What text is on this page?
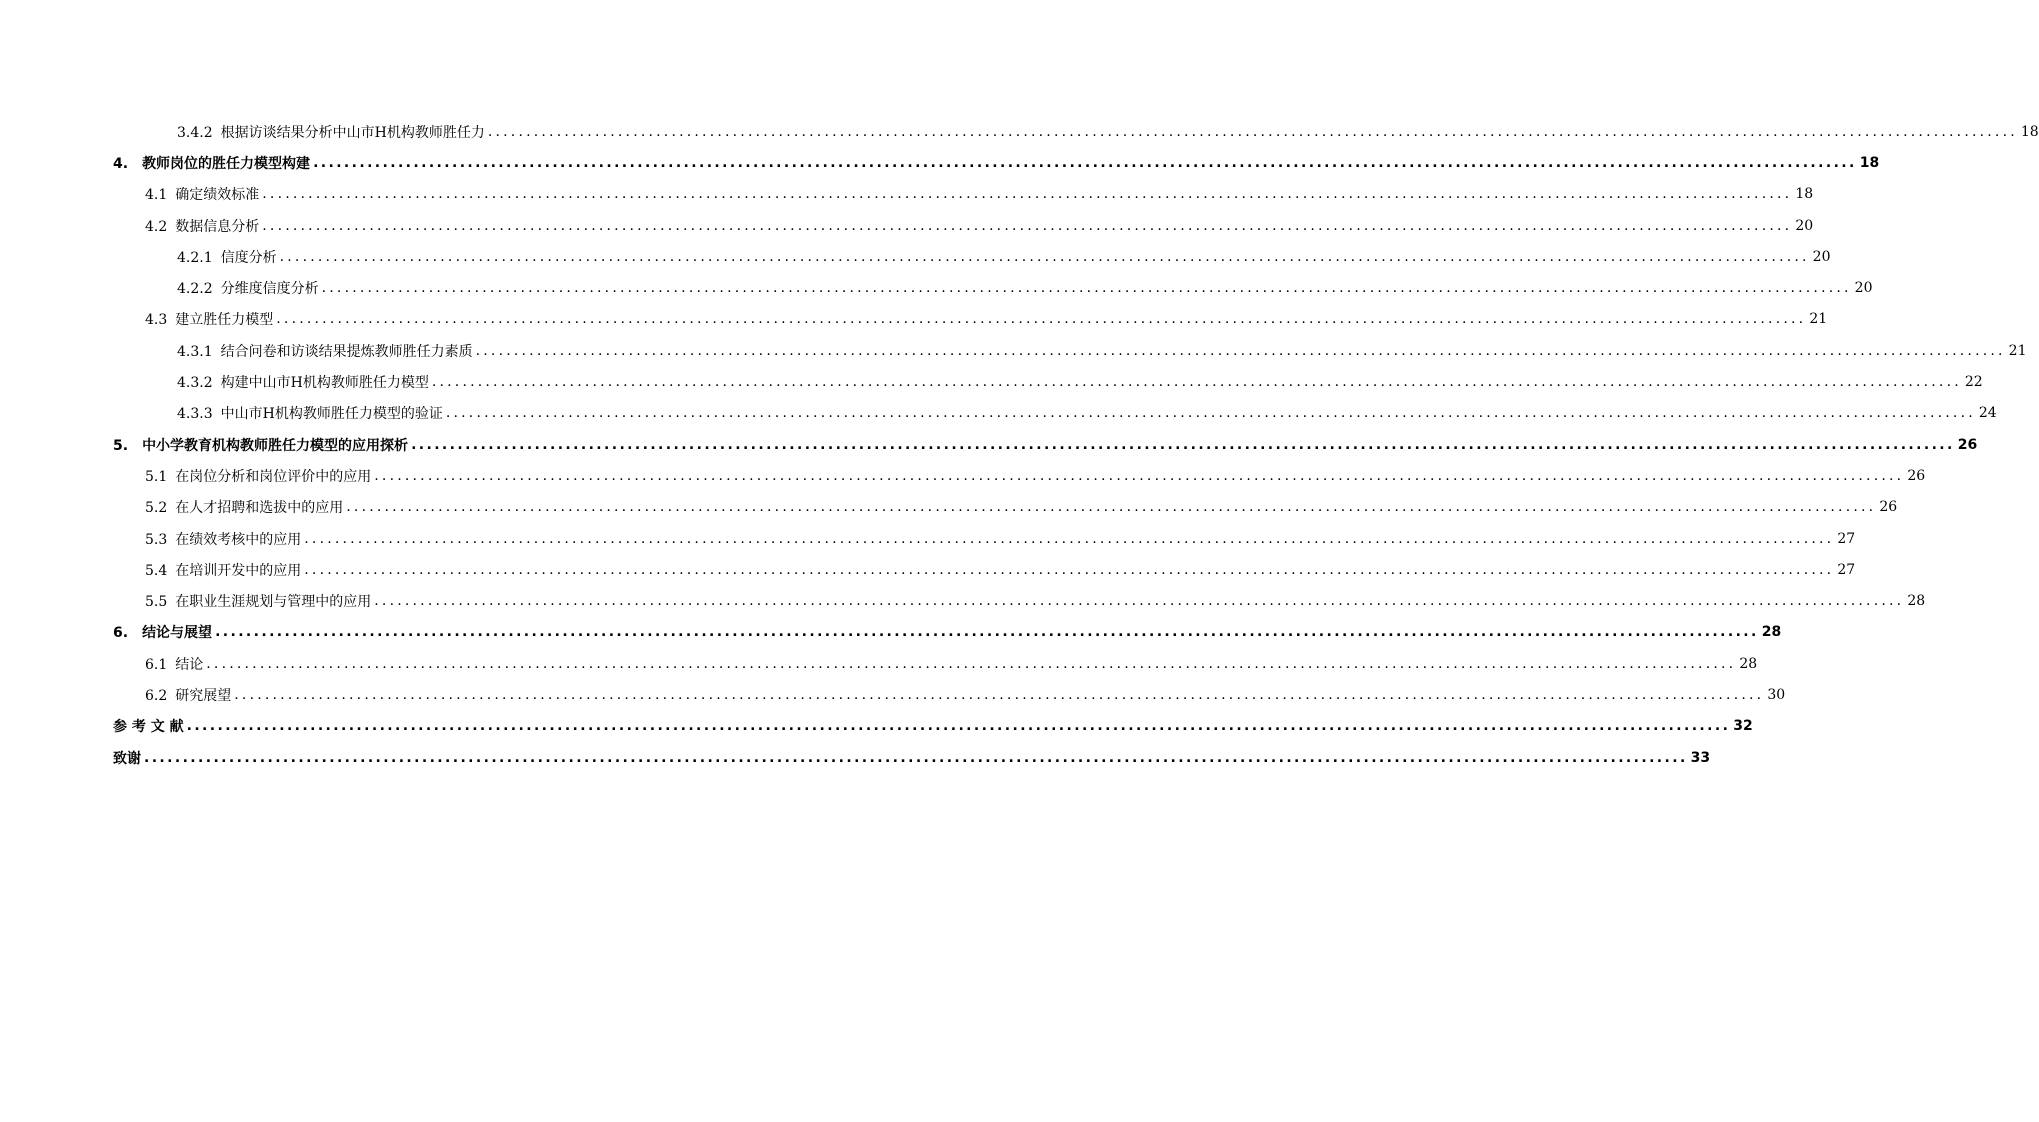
3.4.2 根据访谈结果分析中山市H机构教师胜任力 ........................................................................................................................................................................................................ 18
4. 教师岗位的胜任力模型构建 ........................................................................................................................................................................................................ 18
4.1 确定绩效标准 ........................................................................................................................................................................................................ 18
4.2 数据信息分析 ........................................................................................................................................................................................................ 20
4.2.1 信度分析 ........................................................................................................................................................................................................ 20
4.2.2 分维度信度分析 ........................................................................................................................................................................................................ 20
4.3 建立胜任力模型 ........................................................................................................................................................................................................ 21
4.3.1 结合问卷和访谈结果提炼教师胜任力素质 ........................................................................................................................................................................................................ 21
4.3.2 构建中山市H机构教师胜任力模型 ........................................................................................................................................................................................................ 22
4.3.3 中山市H机构教师胜任力模型的验证 ........................................................................................................................................................................................................ 24
5. 中小学教育机构教师胜任力模型的应用探析 ........................................................................................................................................................................................................ 26
5.1 在岗位分析和岗位评价中的应用 ........................................................................................................................................................................................................ 26
5.2 在人才招聘和选拔中的应用 ........................................................................................................................................................................................................ 26
5.3 在绩效考核中的应用 ........................................................................................................................................................................................................ 27
5.4 在培训开发中的应用 ........................................................................................................................................................................................................ 27
5.5 在职业生涯规划与管理中的应用 ........................................................................................................................................................................................................ 28
6. 结论与展望 ........................................................................................................................................................................................................ 28
6.1 结论 ........................................................................................................................................................................................................ 28
6.2 研究展望 ........................................................................................................................................................................................................ 30
参 考 文 献 ........................................................................................................................................................................................................ 32
致谢 ........................................................................................................................................................................................................ 33
